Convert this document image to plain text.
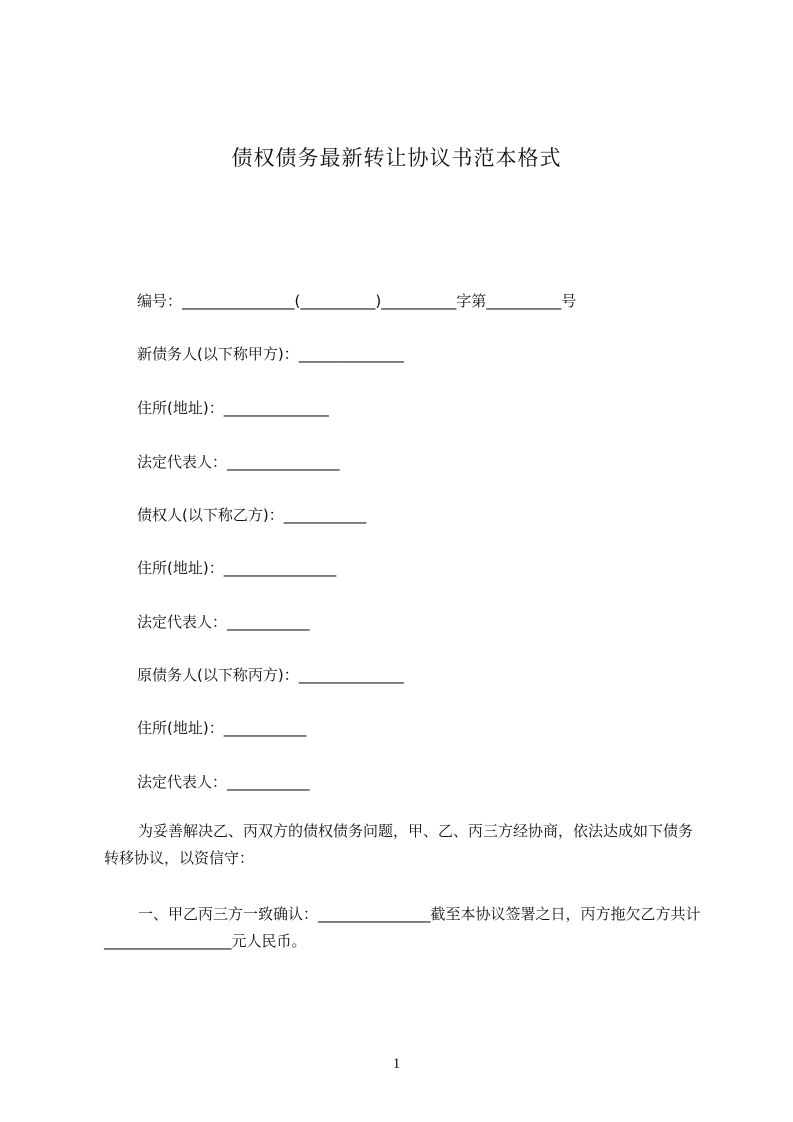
债权债务最新转让协议书范本格式
编号：_______________(__________)__________字第__________号
新债务人(以下称甲方)：______________
住所(地址)：______________
法定代表人：_______________
债权人(以下称乙方)：___________
住所(地址)：_______________
法定代表人：___________
原债务人(以下称丙方)：______________
住所(地址)：___________
法定代表人：___________
为妥善解决乙、丙双方的债权债务问题，甲、乙、丙三方经协商，依法达成如下债务转移协议，以资信守：
一、甲乙丙三方一致确认：_______________截至本协议签署之日，丙方拖欠乙方共计_________________元人民币。
1
